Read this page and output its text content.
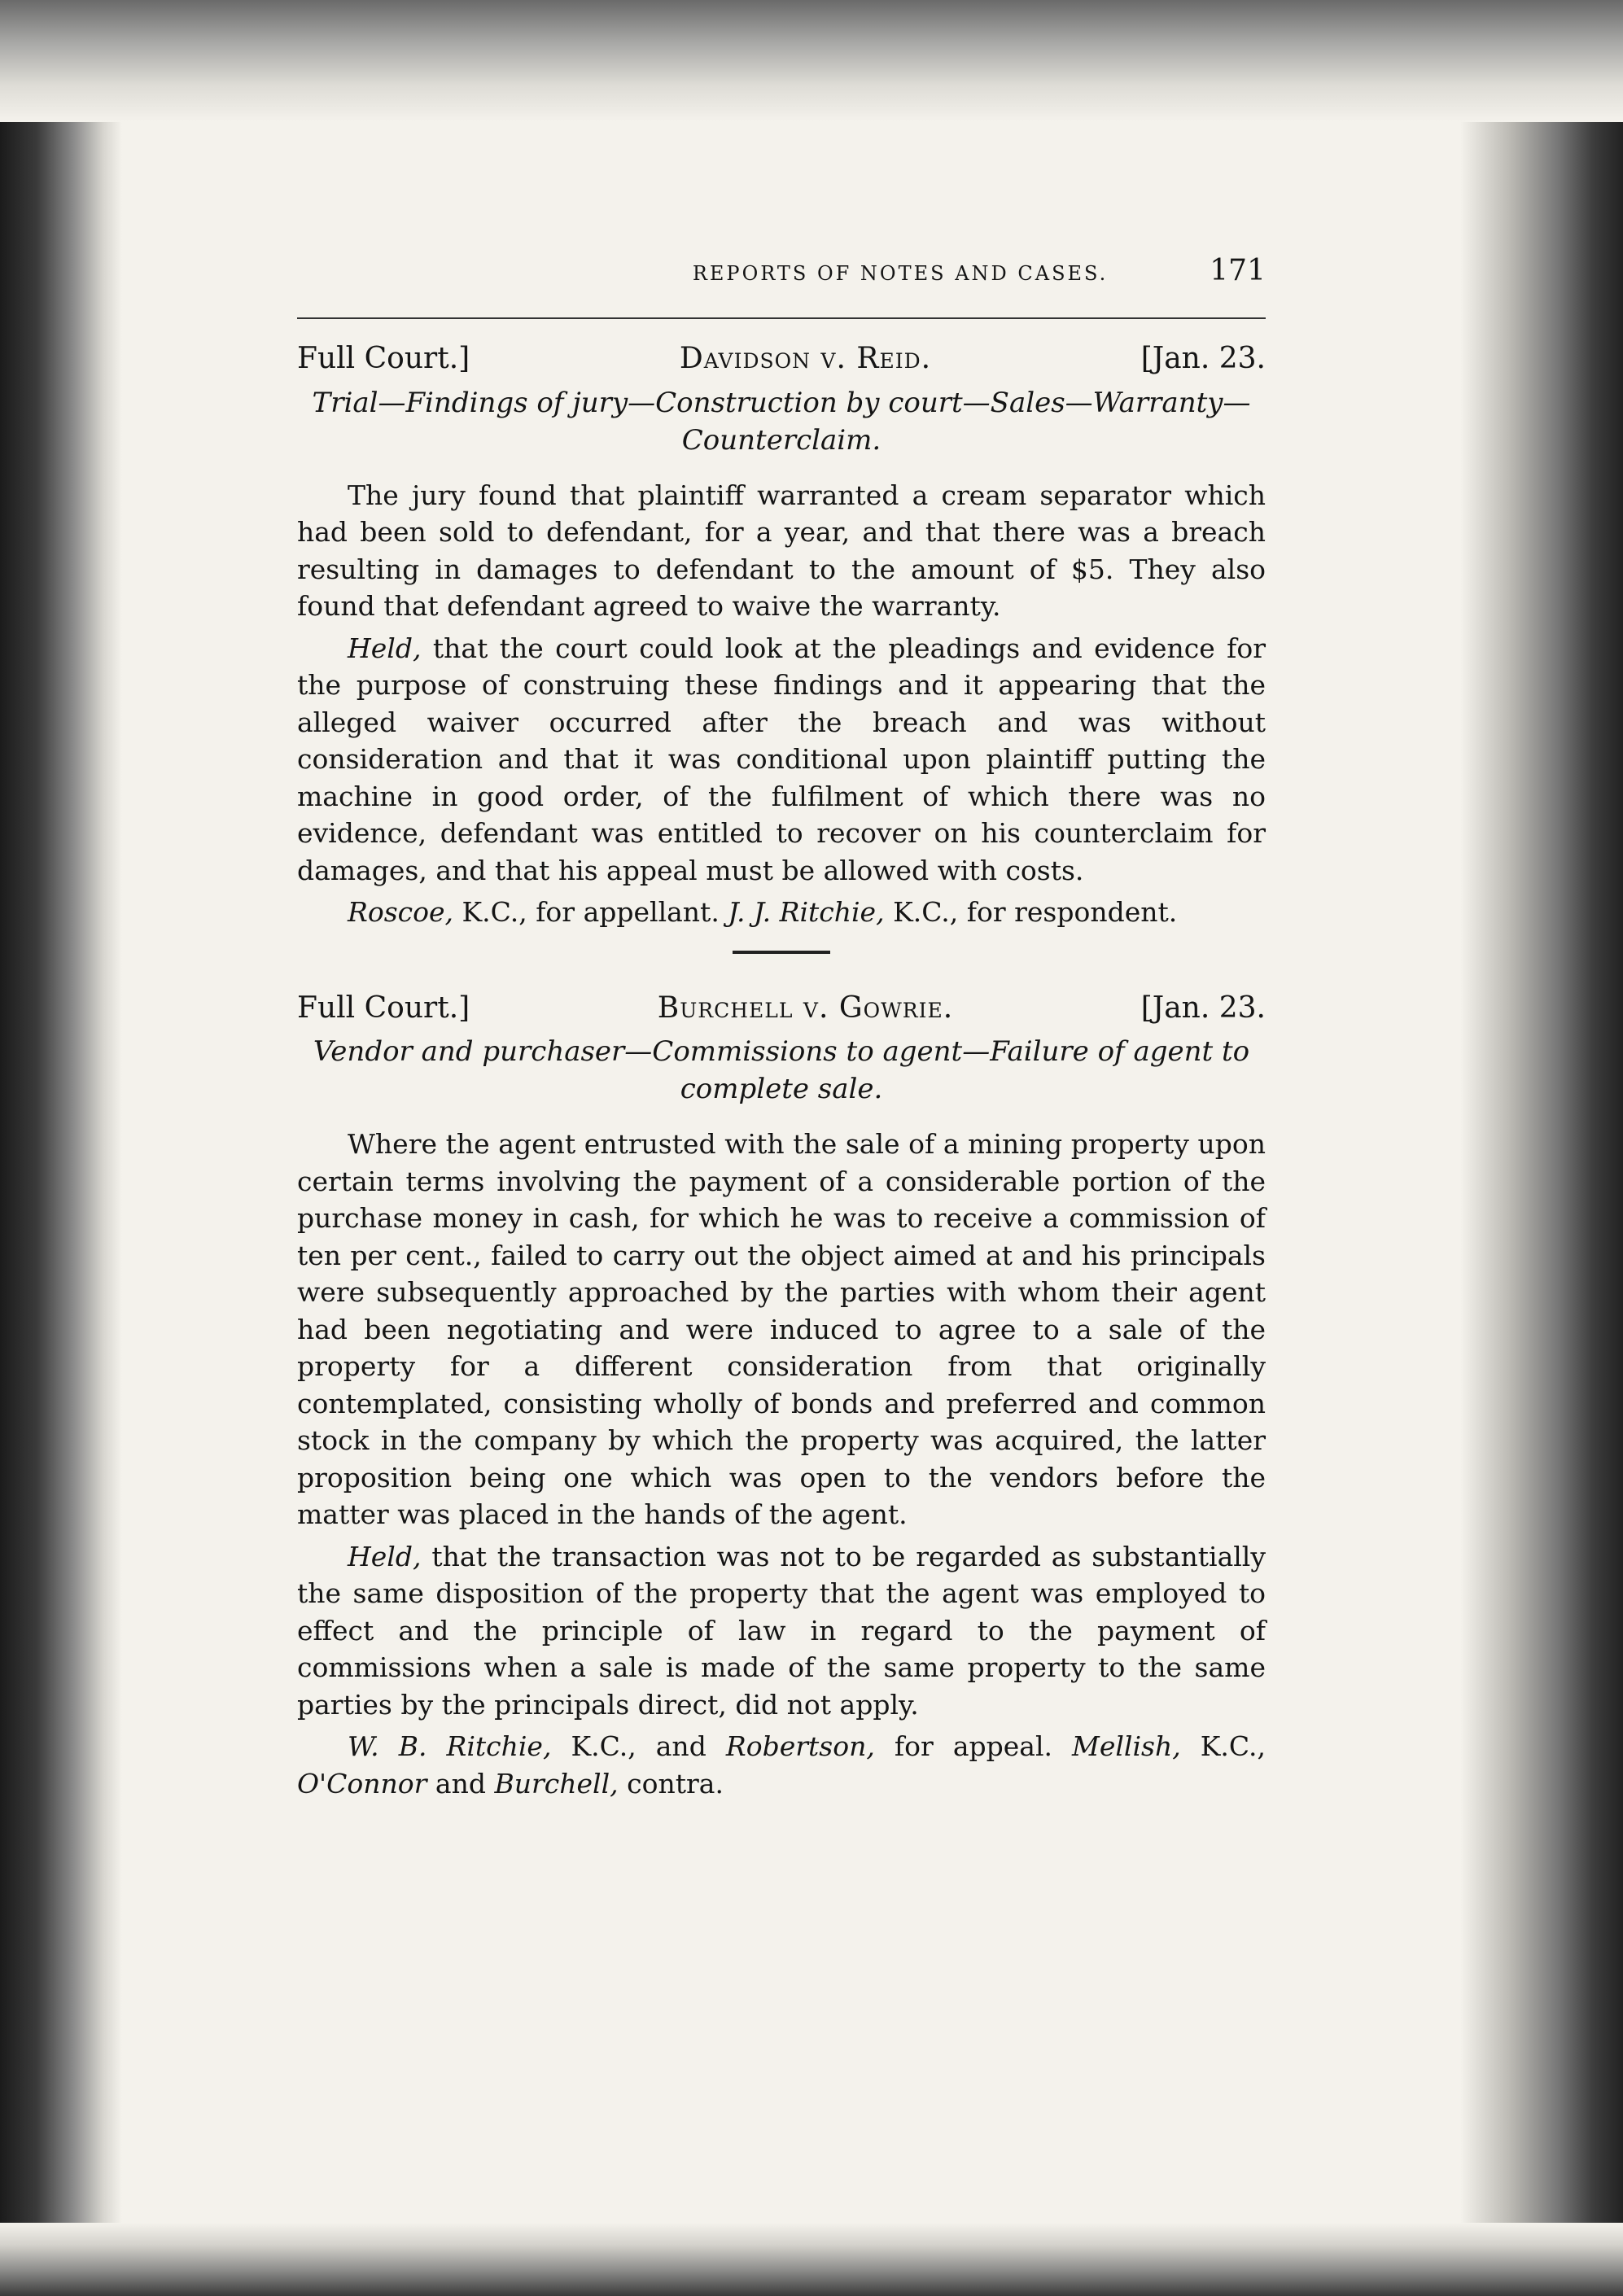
REPORTS OF NOTES AND CASES.	171
Full Court.]	Davidson v. Reid.	[Jan. 23.
Trial—Findings of jury—Construction by court—Sales—Warranty—Counterclaim.

The jury found that plaintiff warranted a cream separator which had been sold to defendant, for a year, and that there was a breach resulting in damages to defendant to the amount of $5. They also found that defendant agreed to waive the warranty.

Held, that the court could look at the pleadings and evidence for the purpose of construing these findings and it appearing that the alleged waiver occurred after the breach and was without consideration and that it was conditional upon plaintiff putting the machine in good order, of the fulfilment of which there was no evidence, defendant was entitled to recover on his counterclaim for damages, and that his appeal must be allowed with costs.

Roscoe, K.C., for appellant. J. J. Ritchie, K.C., for respondent.

Full Court.]	Burchell v. Gowrie.	[Jan. 23.
Vendor and purchaser—Commissions to agent—Failure of agent to complete sale.

Where the agent entrusted with the sale of a mining property upon certain terms involving the payment of a considerable portion of the purchase money in cash, for which he was to receive a commission of ten per cent., failed to carry out the object aimed at and his principals were subsequently approached by the parties with whom their agent had been negotiating and were induced to agree to a sale of the property for a different consideration from that originally contemplated, consisting wholly of bonds and preferred and common stock in the company by which the property was acquired, the latter proposition being one which was open to the vendors before the matter was placed in the hands of the agent.

Held, that the transaction was not to be regarded as substantially the same disposition of the property that the agent was employed to effect and the principle of law in regard to the payment of commissions when a sale is made of the same property to the same parties by the principals direct, did not apply.

W. B. Ritchie, K.C., and Robertson, for appeal. Mellish, K.C., O'Connor and Burchell, contra.
